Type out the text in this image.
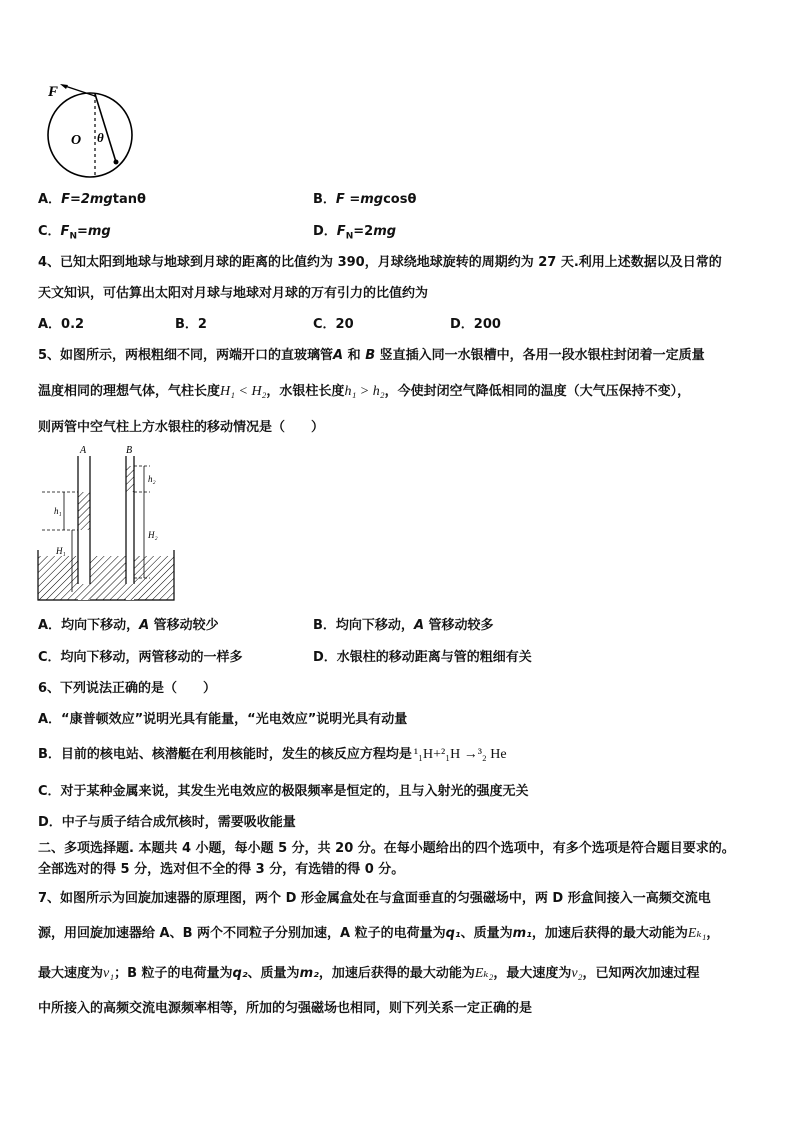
F
O θ
A．F=2mgtanθ	B．F =mgcosθ
C．$F_N=mg$	D．$F_N=2mg$
4、已知太阳到地球与地球到月球的距离的比值约为 390，月球绕地球旋转的周期约为 27 天.利用上述数据以及日常的
天文知识，可估算出太阳对月球与地球对月球的万有引力的比值约为
A．0.2	B．2	C．20	D．200
5、如图所示，两根粗细不同，两端开口的直玻璃管A 和 B 竖直插入同一水银槽中，各用一段水银柱封闭着一定质量
温度相同的理想气体，气柱长度H₁ < H₂，水银柱长度h₁ > h₂，今使封闭空气降低相同的温度（大气压保持不变），
则两管中空气柱上方水银柱的移动情况是（　　）
A	B
h₁
h₂
H₁
H₂
A．均向下移动，A 管移动较少	B．均向下移动，A 管移动较多
C．均向下移动，两管移动的一样多	D．水银柱的移动距离与管的粗细有关
6、下列说法正确的是（　　）
A．“康普顿效应”说明光具有能量，“光电效应”说明光具有动量
B．目前的核电站、核潜艇在利用核能时，发生的核反应方程均是 ¹₁H+²₁H →³₂ He
C．对于某种金属来说，其发生光电效应的极限频率是恒定的，且与入射光的强度无关
D．中子与质子结合成氘核时，需要吸收能量
二、多项选择题. 本题共 4 小题，每小题 5 分，共 20 分。在每小题给出的四个选项中，有多个选项是符合题目要求的。
全部选对的得 5 分，选对但不全的得 3 分，有选错的得 0 分。
7、如图所示为回旋加速器的原理图，两个 D 形金属盒处在与盒面垂直的匀强磁场中，两 D 形盒间接入一高频交流电
源，用回旋加速器给 A、B 两个不同粒子分别加速，A 粒子的电荷量为q₁、质量为m₁，加速后获得的最大动能为Eₖ₁，
最大速度为v₁；B 粒子的电荷量为q₂、质量为m₂，加速后获得的最大动能为Eₖ₂，最大速度为v₂，已知两次加速过程
中所接入的高频交流电源频率相等，所加的匀强磁场也相同，则下列关系一定正确的是
